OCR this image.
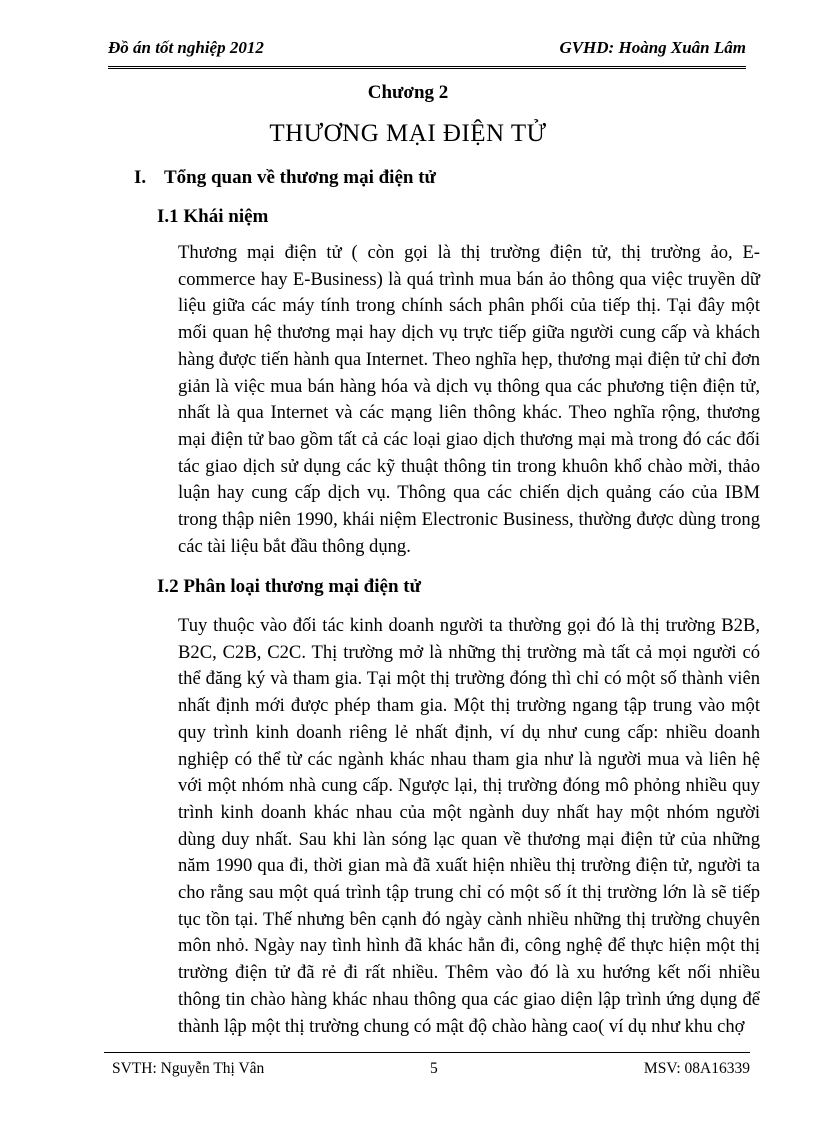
Đồ án tốt nghiệp 2012	GVHD: Hoàng Xuân Lâm
Chương 2
THƯƠNG MẠI ĐIỆN TỬ
I. Tổng quan về thương mại điện tử
I.1 Khái niệm

Thương mại điện tử ( còn gọi là thị trường điện tử, thị trường ảo, E-commerce hay E-Business) là quá trình mua bán ảo thông qua việc truyền dữ liệu giữa các máy tính trong chính sách phân phối của tiếp thị. Tại đây một mối quan hệ thương mại hay dịch vụ trực tiếp giữa người cung cấp và khách hàng được tiến hành qua Internet. Theo nghĩa hẹp, thương mại điện tử chỉ đơn giản là việc mua bán hàng hóa và dịch vụ thông qua các phương tiện điện tử, nhất là qua Internet và các mạng liên thông khác. Theo nghĩa rộng, thương mại điện tử bao gồm tất cả các loại giao dịch thương mại mà trong đó các đối tác giao dịch sử dụng các kỹ thuật thông tin trong khuôn khổ chào mời, thảo luận hay cung cấp dịch vụ. Thông qua các chiến dịch quảng cáo của IBM trong thập niên 1990, khái niệm Electronic Business, thường được dùng trong các tài liệu bắt đầu thông dụng.

I.2 Phân loại thương mại điện tử

Tuy thuộc vào đối tác kinh doanh người ta thường gọi đó là thị trường B2B, B2C, C2B, C2C. Thị trường mở là những thị trường mà tất cả mọi người có thể đăng ký và tham gia. Tại một thị trường đóng thì chỉ có một số thành viên nhất định mới được phép tham gia. Một thị trường ngang tập trung vào một quy trình kinh doanh riêng lẻ nhất định, ví dụ như cung cấp: nhiều doanh nghiệp có thể từ các ngành khác nhau tham gia như là người mua và liên hệ với một nhóm nhà cung cấp. Ngược lại, thị trường đóng mô phỏng nhiều quy trình kinh doanh khác nhau của một ngành duy nhất hay một nhóm người dùng duy nhất. Sau khi làn sóng lạc quan về thương mại điện tử của những năm 1990 qua đi, thời gian mà đã xuất hiện nhiều thị trường điện tử, người ta cho rằng sau một quá trình tập trung chỉ có một số ít thị trường lớn là sẽ tiếp tục tồn tại. Thế nhưng bên cạnh đó ngày cành nhiều những thị trường chuyên môn nhỏ. Ngày nay tình hình đã khác hẳn đi, công nghệ để thực hiện một thị trường điện tử đã rẻ đi rất nhiều. Thêm vào đó là xu hướng kết nối nhiều thông tin chào hàng khác nhau thông qua các giao diện lập trình ứng dụng để thành lập một thị trường chung có mật độ chào hàng cao( ví dụ như khu chợ

SVTH: Nguyễn Thị Vân	5	MSV: 08A16339
